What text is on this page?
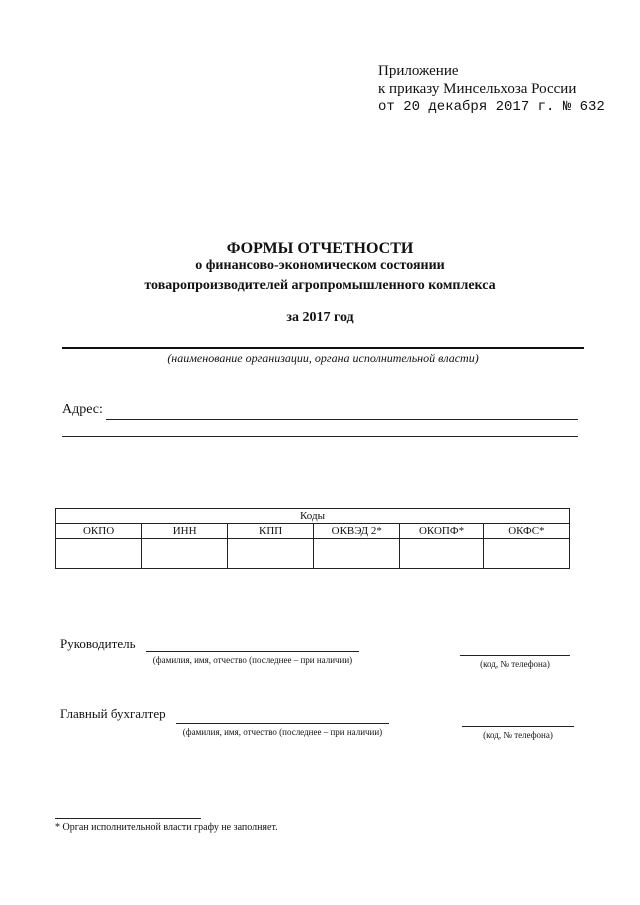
Приложение
к приказу Минсельхоза России
от 20 декабря 2017 г. № 632
ФОРМЫ ОТЧЕТНОСТИ
о финансово-экономическом состоянии
товаропроизводителей агропромышленного комплекса
за 2017 год
(наименование организации, органа исполнительной власти)
Адрес:
Коды					
ОКПО	ИНН	КПП	ОКВЭД 2*	ОКОПФ*	ОКФС*

Руководитель
(фамилия, имя, отчество (последнее – при наличии)	(код, № телефона)
Главный бухгалтер
(фамилия, имя, отчество (последнее – при наличии)	(код, № телефона)
* Орган исполнительной власти графу не заполняет.
